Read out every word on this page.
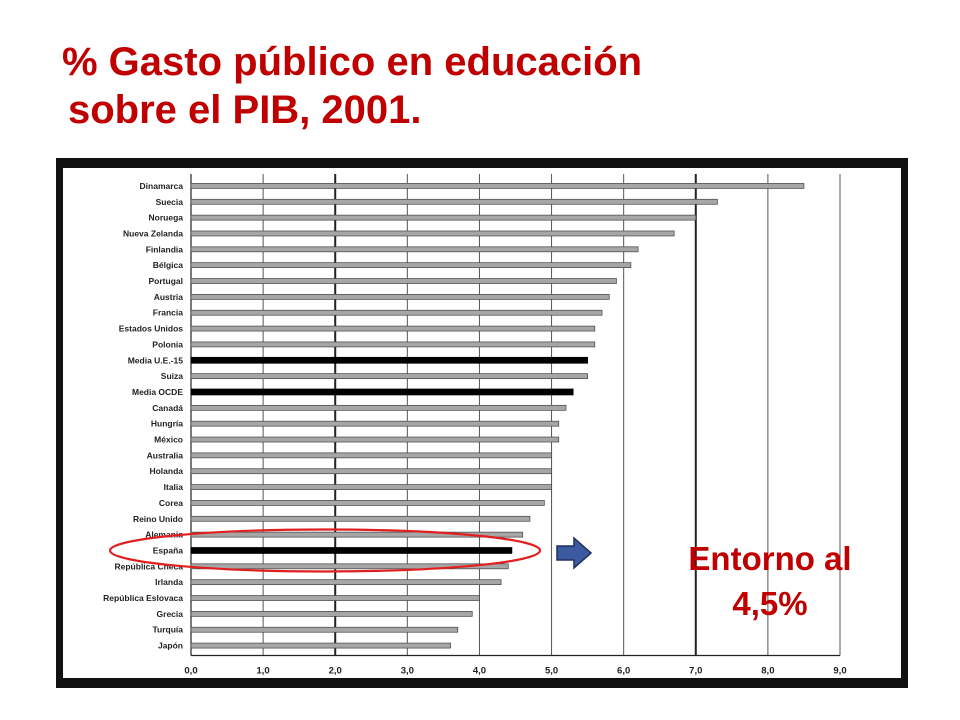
% Gasto público en educación
sobre el PIB, 2001.
Dinamarca
Suecia
Noruega
Nueva Zelanda
Finlandia
Bélgica
Portugal
Austria
Francia
Estados Unidos
Polonia
Media U.E.-15
Suiza
Media OCDE
Canadá
Hungría
México
Australia
Holanda
Italia
Corea
Reino Unido
Alemania
España
República Checa
Irlanda
República Eslovaca
Grecia
Turquía
Japón
0,0	1,0	2,0	3,0	4,0	5,0	6,0	7,0	8,0	9,0
Entorno al
4,5%
